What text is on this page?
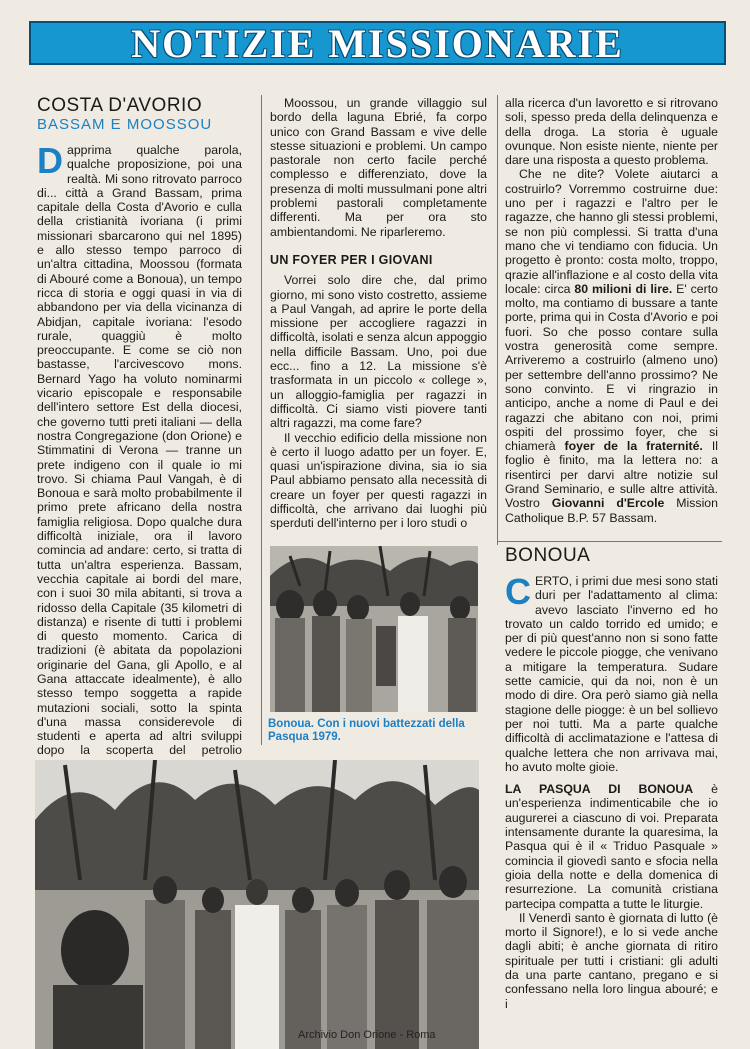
NOTIZIE MISSIONARIE
COSTA D'AVORIO
BASSAM E MOOSSOU

Dapprima qualche parola, qualche proposizione, poi una realtà. Mi sono ritrovato parroco di... città a Grand Bassam, prima capitale della Costa d'Avorio e culla della cristianità ivoriana (i primi missionari sbarcarono qui nel 1895) e allo stesso tempo parroco di un'altra cittadina, Moossou (formata di Abouré come a Bonoua), un tempo ricca di storia e oggi quasi in via di abbandono per via della vicinanza di Abidjan, capitale ivoriana: l'esodo rurale, quaggiù è molto preoccupante. E come se ciò non bastasse, l'arcivescovo mons. Bernard Yago ha voluto nominarmi vicario episcopale e responsabile dell'intero settore Est della diocesi, che governo tutti preti italiani — della nostra Congregazione (don Orione) e Stimmatini di Verona — tranne un prete indigeno con il quale io mi trovo. Si chiama Paul Vangah, è di Bonoua e sarà molto probabilmente il primo prete africano della nostra famiglia religiosa. Dopo qualche dura difficoltà iniziale, ora il lavoro comincia ad andare: certo, si tratta di tutta un'altra esperienza. Bassam, vecchia capitale ai bordi del mare, con i suoi 30 mila abitanti, si trova a ridosso della Capitale (35 kilometri di distanza) e risente di tutti i problemi di questo momento. Carica di tradizioni (è abitata da popolazioni originarie del Gana, gli Apollo, e al Gana attaccate idealmente), è allo stesso tempo soggetta a rapide mutazioni sociali, sotto la spinta d'una massa considerevole di studenti e aperta ad altri sviluppi dopo la scoperta del petrolio

Moossou, un grande villaggio sul bordo della laguna Ebrié, fa corpo unico con Grand Bassam e vive delle stesse situazioni e problemi. Un campo pastorale non certo facile perché complesso e differenziato, dove la presenza di molti mussulmani pone altri problemi pastorali completamente differenti. Ma per ora sto ambientandomi. Ne riparleremo.

UN FOYER PER I GIOVANI

Vorrei solo dire che, dal primo giorno, mi sono visto costretto, assieme a Paul Vangah, ad aprire le porte della missione per accogliere ragazzi in difficoltà, isolati e senza alcun appoggio nella difficile Bassam. Uno, poi due ecc... fino a 12. La missione s'è trasformata in un piccolo « college », un alloggio-famiglia per ragazzi in difficoltà. Ci siamo visti piovere tanti altri ragazzi, ma come fare?

Il vecchio edificio della missione non è certo il luogo adatto per un foyer. E, quasi un'ispirazione divina, sia io sia Paul abbiamo pensato alla necessità di creare un foyer per questi ragazzi in difficoltà, che arrivano dai luoghi più sperduti dell'interno per i loro studi o

Bonoua. Con i nuovi battezzati della Pasqua 1979.

alla ricerca d'un lavoretto e si ritrovano soli, spesso preda della delinquenza e della droga. La storia è uguale ovunque. Non esiste niente, niente per dare una risposta a questo problema.

Che ne dite? Volete aiutarci a costruirlo? Vorremmo costruirne due: uno per i ragazzi e l'altro per le ragazze, che hanno gli stessi problemi, se non più complessi. Si tratta d'una mano che vi tendiamo con fiducia. Un progetto è pronto: costa molto, troppo, qrazie all'inflazione e al costo della vita locale: circa 80 milioni di lire. E' certo molto, ma contiamo di bussare a tante porte, prima qui in Costa d'Avorio e poi fuori. So che posso contare sulla vostra generosità come sempre. Arriveremo a costruirlo (almeno uno) per settembre dell'anno prossimo? Ne sono convinto. E vi ringrazio in anticipo, anche a nome di Paul e dei ragazzi che abitano con noi, primi ospiti del prossimo foyer, che si chiamerà foyer de la fraternité. Il foglio è finito, ma la lettera no: a risentirci per darvi altre notizie sul Grand Seminario, e sulle altre attività. Vostro Giovanni d'Ercole Mission Catholique B.P. 57 Bassam.

BONOUA

CERTO, i primi due mesi sono stati duri per l'adattamento al clima: avevo lasciato l'inverno ed ho trovato un caldo torrido ed umido; e per di più quest'anno non si sono fatte vedere le piccole piogge, che venivano a mitigare la temperatura. Sudare sette camicie, qui da noi, non è un modo di dire. Ora però siamo già nella stagione delle piogge: è un bel sollievo per noi tutti. Ma a parte qualche difficoltà di acclimatazione e l'attesa di qualche lettera che non arrivava mai, ho avuto molte gioie.

LA PASQUA DI BONOUA è un'esperienza indimenticabile che io augurerei a ciascuno di voi. Preparata intensamente durante la quaresima, la Pasqua qui è il « Triduo Pasquale » comincia il giovedì santo e sfocia nella gioia della notte e della domenica di resurrezione. La comunità cristiana partecipa compatta a tutte le liturgie.

Il Venerdì santo è giornata di lutto (è morto il Signore!), e lo si vede anche dagli abiti; è anche giornata di ritiro spirituale per tutti i cristiani: gli adulti da una parte cantano, pregano e si confessano nella loro lingua abouré; e i

Archivio Don Orione - Roma
